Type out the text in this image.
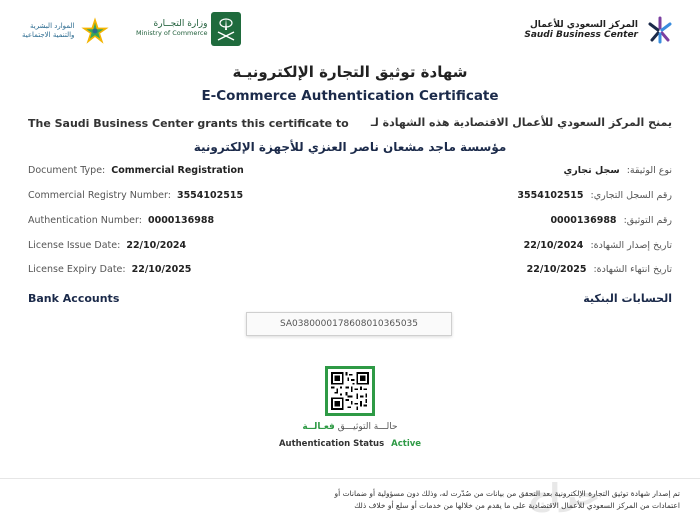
الموارد البشرية
والتنمية الاجتماعية
وزارة التجــارة
Ministry of Commerce
المركز السعودي للأعمال
Saudi Business Center
شهادة توثيق التجارة الإلكترونيـة
E-Commerce Authentication Certificate
The Saudi Business Center grants this certificate to يمنح المركز السعودي للأعمال الاقتصادية هذه الشهادة لـ
مؤسسة ماجد مشعان ناصر العنزي للأجهزة الإلكترونية
Document Type: Commercial Registration	نوع الوثيقة: سجل تجاري
Commercial Registry Number: 3554102515	رقم السجل التجاري: 3554102515
Authentication Number: 0000136988	رقم التوثيق: 0000136988
License Issue Date: 22/10/2024	تاريخ إصدار الشهادة: 22/10/2024
License Expiry Date: 22/10/2025	تاريخ انتهاء الشهادة: 22/10/2025
Bank Accounts	الحسابات البنكية
SA0380000178608010365035
حالـــة التوثيـــق فعـالــة
Authentication Status Active
حراج
تم إصدار شهادة توثيق التجارة الإلكترونية بعد التحقق من بيانات من صُدّرت له، وذلك دون مسؤولية أو ضمانات أو
اعتمادات من المركز السعودي للأعمال الاقتصادية على ما يقدم من خلالها من خدمات أو سلع أو خلاف ذلك
